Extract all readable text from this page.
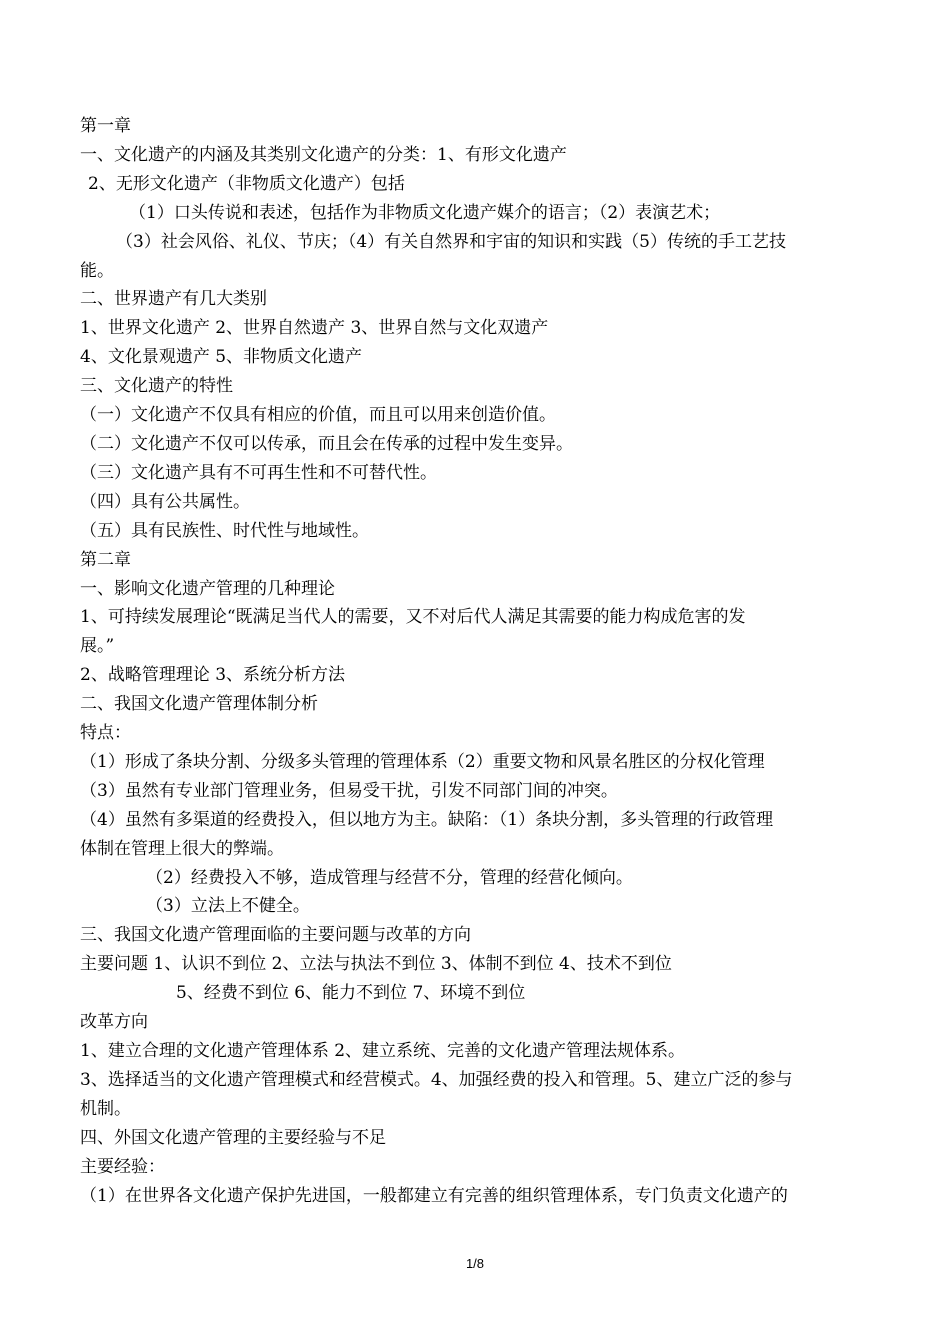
第一章

一、文化遗产的内涵及其类别文化遗产的分类：1、有形文化遗产

2、无形文化遗产（非物质文化遗产）包括

（1）口头传说和表述，包括作为非物质文化遗产媒介的语言；（2）表演艺术；

（3）社会风俗、礼仪、节庆；（4）有关自然界和宇宙的知识和实践（5）传统的手工艺技

能。

二、世界遗产有几大类别

1、世界文化遗产 2、世界自然遗产 3、世界自然与文化双遗产

4、文化景观遗产 5、非物质文化遗产

三、文化遗产的特性

（一）文化遗产不仅具有相应的价值，而且可以用来创造价值。

（二）文化遗产不仅可以传承，而且会在传承的过程中发生变异。

（三）文化遗产具有不可再生性和不可替代性。

（四）具有公共属性。

（五）具有民族性、时代性与地域性。

第二章

一、影响文化遗产管理的几种理论

1、可持续发展理论“既满足当代人的需要，又不对后代人满足其需要的能力构成危害的发

展。”

2、战略管理理论 3、系统分析方法

二、我国文化遗产管理体制分析

特点：

（1）形成了条块分割、分级多头管理的管理体系（2）重要文物和风景名胜区的分权化管理

（3）虽然有专业部门管理业务，但易受干扰，引发不同部门间的冲突。

（4）虽然有多渠道的经费投入，但以地方为主。缺陷：（1）条块分割，多头管理的行政管理

体制在管理上很大的弊端。

（2）经费投入不够，造成管理与经营不分，管理的经营化倾向。

（3）立法上不健全。

三、我国文化遗产管理面临的主要问题与改革的方向

主要问题 1、认识不到位 2、立法与执法不到位 3、体制不到位 4、技术不到位

5、经费不到位 6、能力不到位 7、环境不到位

改革方向

1、建立合理的文化遗产管理体系 2、建立系统、完善的文化遗产管理法规体系。

3、选择适当的文化遗产管理模式和经营模式。4、加强经费的投入和管理。5、建立广泛的参与

机制。

四、外国文化遗产管理的主要经验与不足

主要经验：

（1）在世界各文化遗产保护先进国，一般都建立有完善的组织管理体系，专门负责文化遗产的

1/8
